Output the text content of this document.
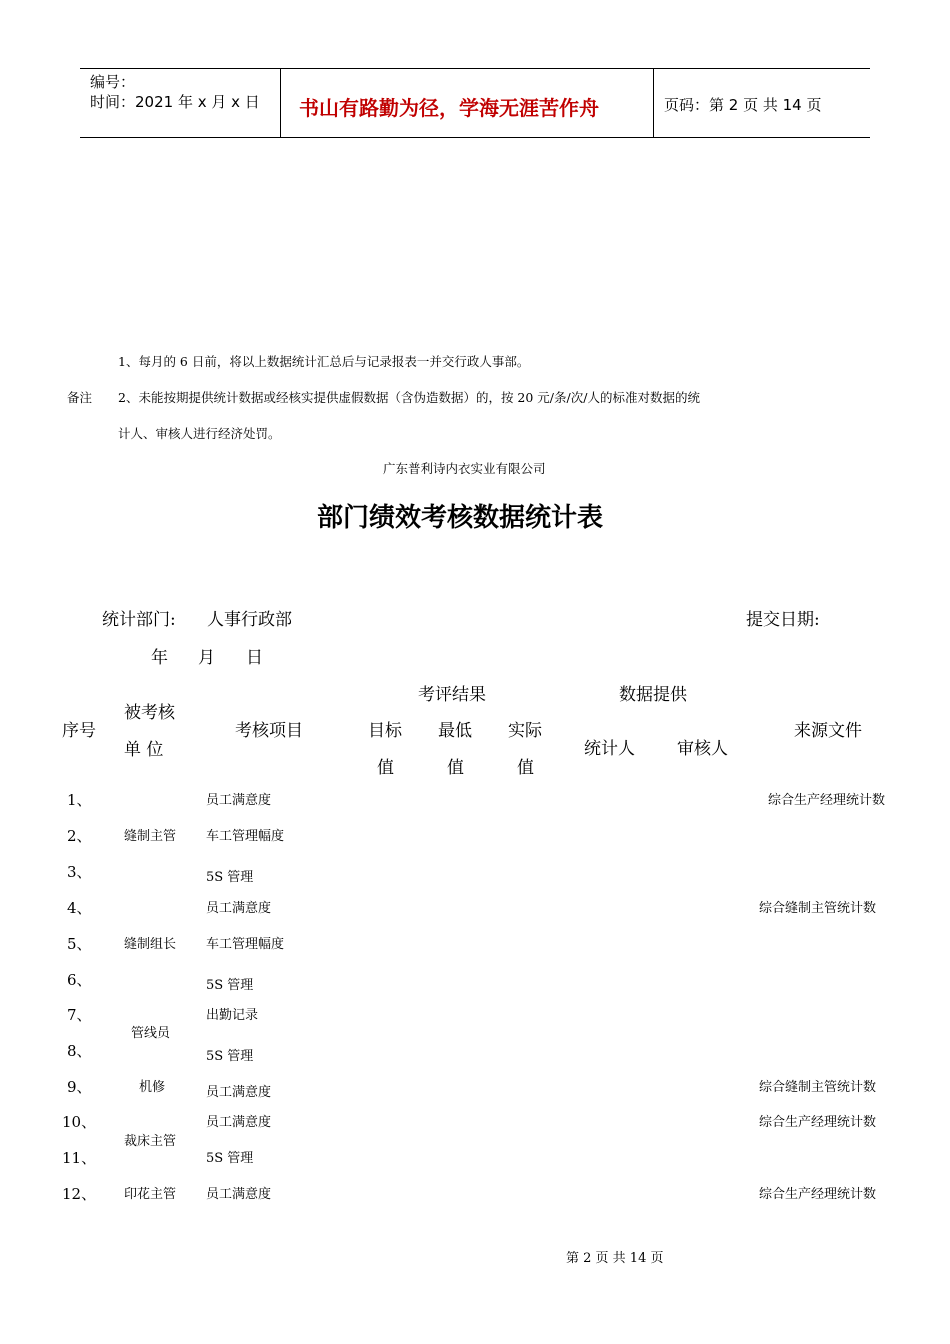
编号：
时间：2021 年 x 月 x 日 书山有路勤为径，学海无涯苦作舟	页码：第 2 页 共 14 页
1、每月的 6 日前，将以上数据统计汇总后与记录报表一并交行政人事部。
备注 2、未能按期提供统计数据或经核实提供虚假数据（含伪造数据）的，按 20 元/条/次/人的标准对数据的统
计人、审核人进行经济处罚。
广东普利诗内衣实业有限公司
部门绩效考核数据统计表
统计部门: 人事行政部	提交日期:
年 月 日
序号
被考核
单 位
考核项目
考评结果
目标
值
最低
值
实际
值
数据提供
统计人 审核人
来源文件
1、
2、
3、
4、
5、
6、
7、
8、
9、
10、
11、
12、
缝制主管
缝制组长
管线员
机修
裁床主管
印花主管
员工满意度
车工管理幅度
5S 管理
员工满意度
车工管理幅度
5S 管理
出勤记录
5S 管理
员工满意度
员工满意度
5S 管理
员工满意度
综合生产经理统计数
综合缝制主管统计数
综合缝制主管统计数
综合生产经理统计数
综合生产经理统计数
第 2 页 共 14 页
